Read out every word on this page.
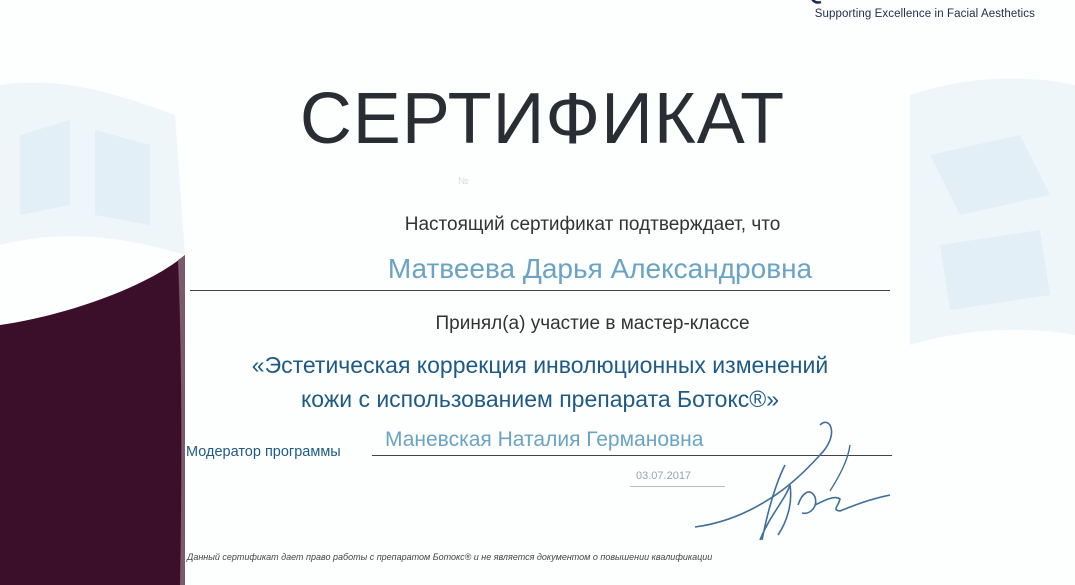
Supporting Excellence in Facial Aesthetics
СЕРТИФИКАТ
№
Настоящий сертификат подтверждает, что
Матвеева Дарья Александровна
Принял(а) участие в мастер-классе
«Эстетическая коррекция инволюционных изменений
кожи с использованием препарата Ботокс®»
Модератор программы
Маневская Наталия Германовна
03.07.2017
Данный сертификат дает право работы с препаратом Ботокс® и не является документом о повышении квалификации
